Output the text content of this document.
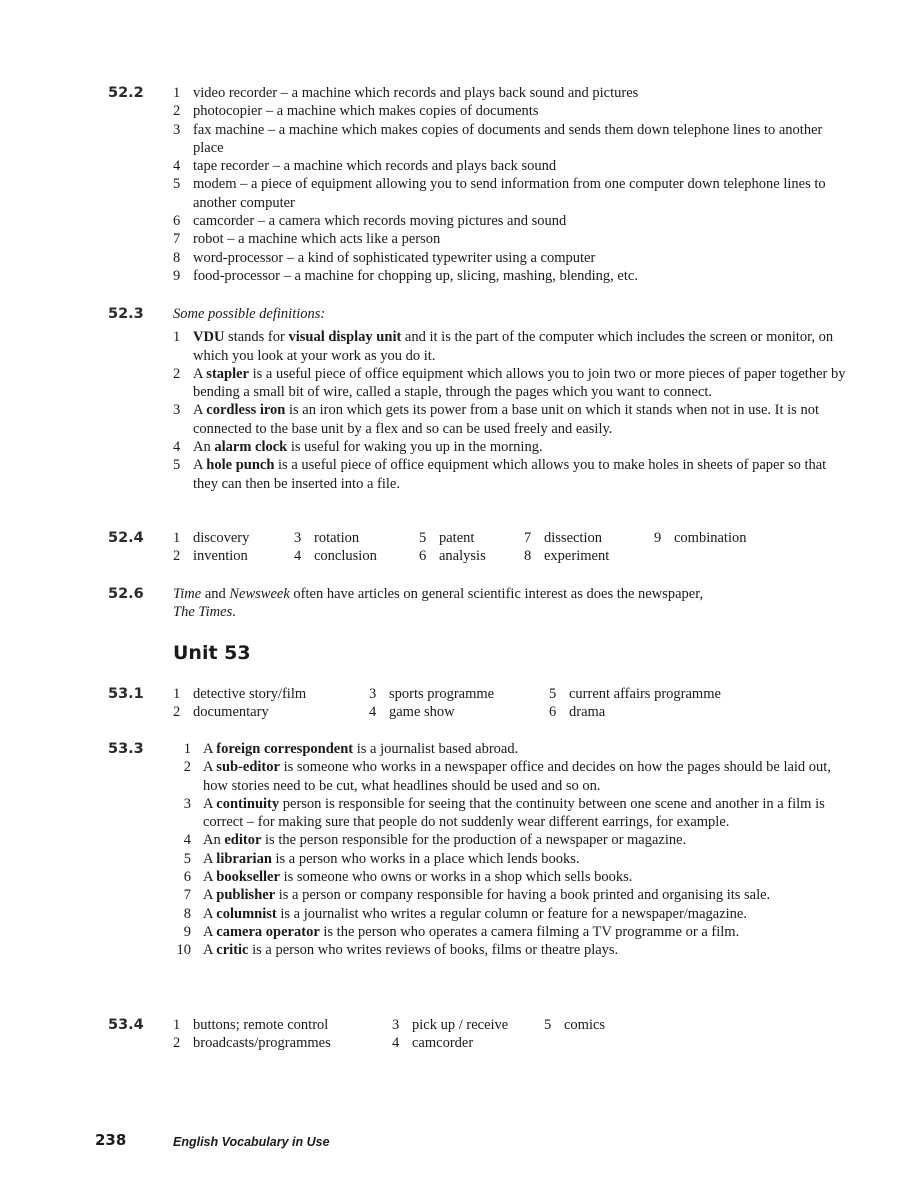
52.2 1 video recorder – a machine which records and plays back sound and pictures
2 photocopier – a machine which makes copies of documents
3 fax machine – a machine which makes copies of documents and sends them down telephone lines to another place
4 tape recorder – a machine which records and plays back sound
5 modem – a piece of equipment allowing you to send information from one computer down telephone lines to another computer
6 camcorder – a camera which records moving pictures and sound
7 robot – a machine which acts like a person
8 word-processor – a kind of sophisticated typewriter using a computer
9 food-processor – a machine for chopping up, slicing, mashing, blending, etc.
52.3 Some possible definitions:
1 VDU stands for visual display unit and it is the part of the computer which includes the screen or monitor, on which you look at your work as you do it.
2 A stapler is a useful piece of office equipment which allows you to join two or more pieces of paper together by bending a small bit of wire, called a staple, through the pages which you want to connect.
3 A cordless iron is an iron which gets its power from a base unit on which it stands when not in use. It is not connected to the base unit by a flex and so can be used freely and easily.
4 An alarm clock is useful for waking you up in the morning.
5 A hole punch is a useful piece of office equipment which allows you to make holes in sheets of paper so that they can then be inserted into a file.
52.4 1 discovery
2 invention
3 rotation
4 conclusion
5 patent
6 analysis
7 dissection
8 experiment
9 combination
52.6 Time and Newsweek often have articles on general scientific interest as does the newspaper,
The Times.
Unit 53
53.1 1 detective story/film
2 documentary
3 sports programme
4 game show
5 current affairs programme
6 drama
53.3	1 A foreign correspondent is a journalist based abroad.
2 A sub-editor is someone who works in a newspaper office and decides on how the pages should be laid out, how stories need to be cut, what headlines should be used and so on.
3 A continuity person is responsible for seeing that the continuity between one scene and another in a film is correct – for making sure that people do not suddenly wear different earrings, for example.
4 An editor is the person responsible for the production of a newspaper or magazine.
5 A librarian is a person who works in a place which lends books.
6 A bookseller is someone who owns or works in a shop which sells books.
7 A publisher is a person or company responsible for having a book printed and organising its sale.
8 A columnist is a journalist who writes a regular column or feature for a newspaper/magazine.
9 A camera operator is the person who operates a camera filming a TV programme or a film.
10 A critic is a person who writes reviews of books, films or theatre plays.
53.4 1 buttons; remote control
2 broadcasts/programmes
3 pick up / receive
4 camcorder
5 comics
238	English Vocabulary in Use
